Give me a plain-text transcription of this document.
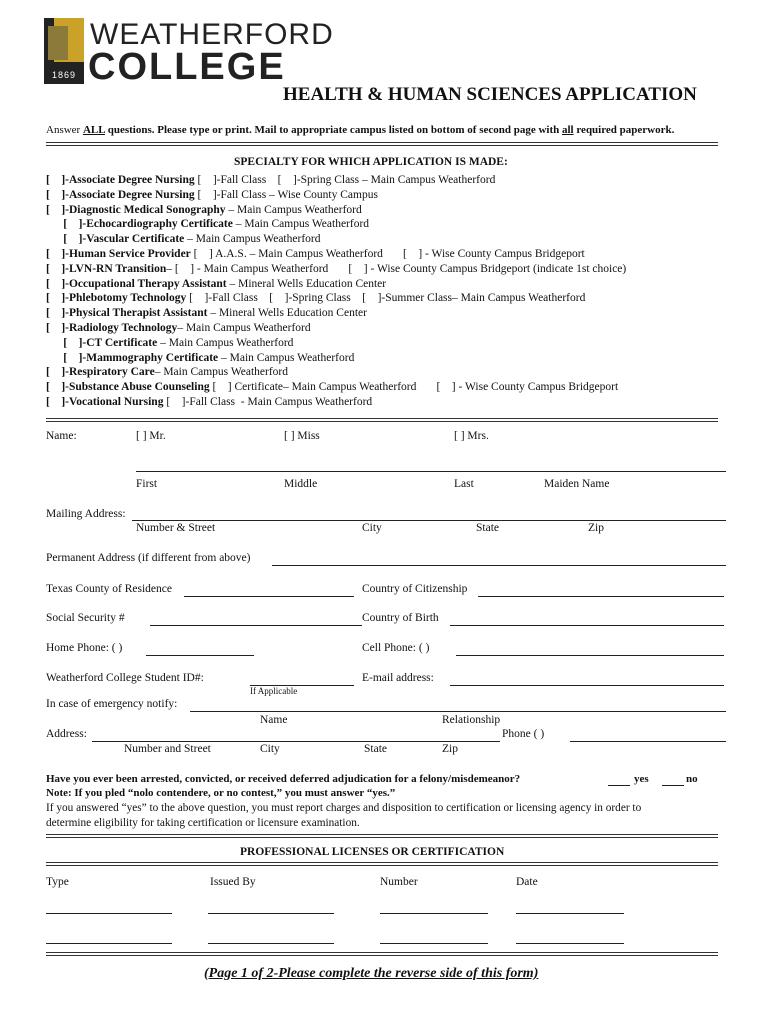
1869
WEATHERFORD
COLLEGE
HEALTH & HUMAN SCIENCES APPLICATION
Answer ALL questions. Please type or print. Mail to appropriate campus listed on bottom of second page with all required paperwork.
SPECIALTY FOR WHICH APPLICATION IS MADE:
[    ]-Associate Degree Nursing [    ]-Fall Class    [    ]-Spring Class – Main Campus Weatherford
[    ]-Associate Degree Nursing [    ]-Fall Class – Wise County Campus
[    ]-Diagnostic Medical Sonography – Main Campus Weatherford
[    ]-Echocardiography Certificate – Main Campus Weatherford
[    ]-Vascular Certificate – Main Campus Weatherford
[    ]-Human Service Provider [    ] A.A.S. – Main Campus Weatherford       [    ] - Wise County Campus Bridgeport
[    ]-LVN-RN Transition– [    ] - Main Campus Weatherford       [    ] - Wise County Campus Bridgeport (indicate 1st choice)
[    ]-Occupational Therapy Assistant – Mineral Wells Education Center
[    ]-Phlebotomy Technology [    ]-Fall Class    [    ]-Spring Class    [    ]-Summer Class– Main Campus Weatherford
[    ]-Physical Therapist Assistant – Mineral Wells Education Center
[    ]-Radiology Technology– Main Campus Weatherford
[    ]-CT Certificate – Main Campus Weatherford
[    ]-Mammography Certificate – Main Campus Weatherford
[    ]-Respiratory Care– Main Campus Weatherford
[    ]-Substance Abuse Counseling [    ] Certificate– Main Campus Weatherford       [    ] - Wise County Campus Bridgeport
[    ]-Vocational Nursing [    ]-Fall Class  - Main Campus Weatherford
Name:	[ ] Mr.	[ ] Miss	[ ] Mrs.
First	Middle	Last	Maiden Name
Mailing Address:
Number & Street	City	State	Zip
Permanent Address (if different from above)
Texas County of Residence	Country of Citizenship
Social Security #	Country of Birth
Home Phone: ( )	Cell Phone: ( )
Weatherford College Student ID#:
If Applicable
E-mail address:
In case of emergency notify:
Name	Relationship
Address:	Phone ( )
Number and Street	City	State	Zip
Have you ever been arrested, convicted, or received deferred adjudication for a felony/misdemeanor?	yes	no
Note: If you pled “nolo contendere, or no contest,” you must answer “yes.”
If you answered “yes” to the above question, you must report charges and disposition to certification or licensing agency in order to
determine eligibility for taking certification or licensure examination.
PROFESSIONAL LICENSES OR CERTIFICATION
Type	Issued By	Number	Date
(Page 1 of 2-Please complete the reverse side of this form)
